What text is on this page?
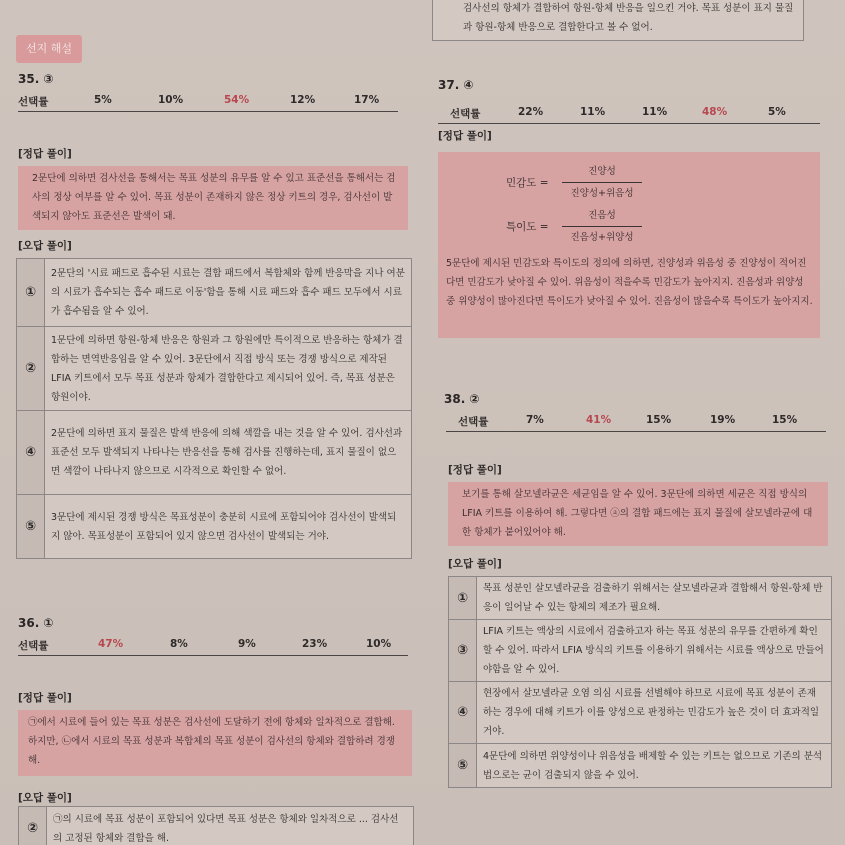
검사선의 항체가 결합하여 항원-항체 반응을 일으킨 거야. 목표 성분이 표지 물질과 항원-항체 반응으로 결합한다고 볼 수 없어.
선지 해설
35. ③
선택률	5%	10%	54%	12%	17%
[정답 풀이]
2문단에 의하면 검사선을 통해서는 목표 성분의 유무를 알 수 있고 표준선을 통해서는 검사의 정상 여부를 알 수 있어. 목표 성분이 존재하지 않은 정상 키트의 경우, 검사선이 발색되지 않아도 표준선은 발색이 돼.
[오답 풀이]
①	2문단의 '시료 패드로 흡수된 시료는 결합 패드에서 복합체와 함께 반응막을 지나 여분의 시료가 흡수되는 흡수 패드로 이동'함을 통해 시료 패드와 흡수 패드 모두에서 시료가 흡수됨을 알 수 있어.
②	1문단에 의하면 항원-항체 반응은 항원과 그 항원에만 특이적으로 반응하는 항체가 결합하는 면역반응임을 알 수 있어. 3문단에서 직접 방식 또는 경쟁 방식으로 제작된 LFIA 키트에서 모두 목표 성분과 항체가 결합한다고 제시되어 있어. 즉, 목표 성분은 항원이야.
④	2문단에 의하면 표지 물질은 발색 반응에 의해 색깔을 내는 것을 알 수 있어. 검사선과 표준선 모두 발색되지 나타나는 반응선을 통해 검사를 진행하는데, 표지 물질이 없으면 색깔이 나타나지 않으므로 시각적으로 확인할 수 없어.
⑤	3문단에 제시된 경쟁 방식은 목표성분이 충분히 시료에 포함되어야 검사선이 발색되지 않아. 목표성분이 포함되어 있지 않으면 검사선이 발색되는 거야.
36. ①
선택률	47%	8%	9%	23%	10%
[정답 풀이]
㉠에서 시료에 들어 있는 목표 성분은 검사선에 도달하기 전에 항체와 일차적으로 결합해. 하지만, ㉡에서 시료의 목표 성분과 복합체의 목표 성분이 검사선의 항체와 결합하려 경쟁해.
[오답 풀이]
②	㉠의 시료에 목표 성분이 포함되어 있다면 목표 성분은 항체와 일차적으로 ... 검사선의 고정된 항체와 결합을 해.
37. ④
선택률	22%	11%	11%	48%	5%
[정답 풀이]
민감도 =
진양성
진양성+위음성
특이도 =
진음성
진음성+위양성
5문단에 제시된 민감도와 특이도의 정의에 의하면, 진양성과 위음성 중 진양성이 적어진다면 민감도가 낮아질 수 있어. 위음성이 적을수록 민감도가 높아지지. 진음성과 위양성 중 위양성이 많아진다면 특이도가 낮아질 수 있어. 진음성이 많을수록 특이도가 높아지지.
38. ②
선택률	7%	41%	15%	19%	15%
[정답 풀이]
보기를 통해 살모넬라균은 세균임을 알 수 있어. 3문단에 의하면 세균은 직접 방식의 LFIA 키트를 이용하여 해. 그렇다면 ⓐ의 결합 패드에는 표지 물질에 살모넬라균에 대한 항체가 붙어있어야 해.
[오답 풀이]
①	목표 성분인 살모넬라균을 검출하기 위해서는 살모넬라균과 결합해서 항원-항체 반응이 일어날 수 있는 항체의 제조가 필요해.
③	LFIA 키트는 액상의 시료에서 검출하고자 하는 목표 성분의 유무를 간편하게 확인할 수 있어. 따라서 LFIA 방식의 키트를 이용하기 위해서는 시료를 액상으로 만들어야함을 알 수 있어.
④	현장에서 살모넬라균 오염 의심 시료를 선별해야 하므로 시료에 목표 성분이 존재하는 경우에 대해 키트가 이를 양성으로 판정하는 민감도가 높은 것이 더 효과적일거야.
⑤	4문단에 의하면 위양성이나 위음성을 배제할 수 있는 키트는 없으므로 기존의 분석법으로는 균이 검출되지 않을 수 있어.
